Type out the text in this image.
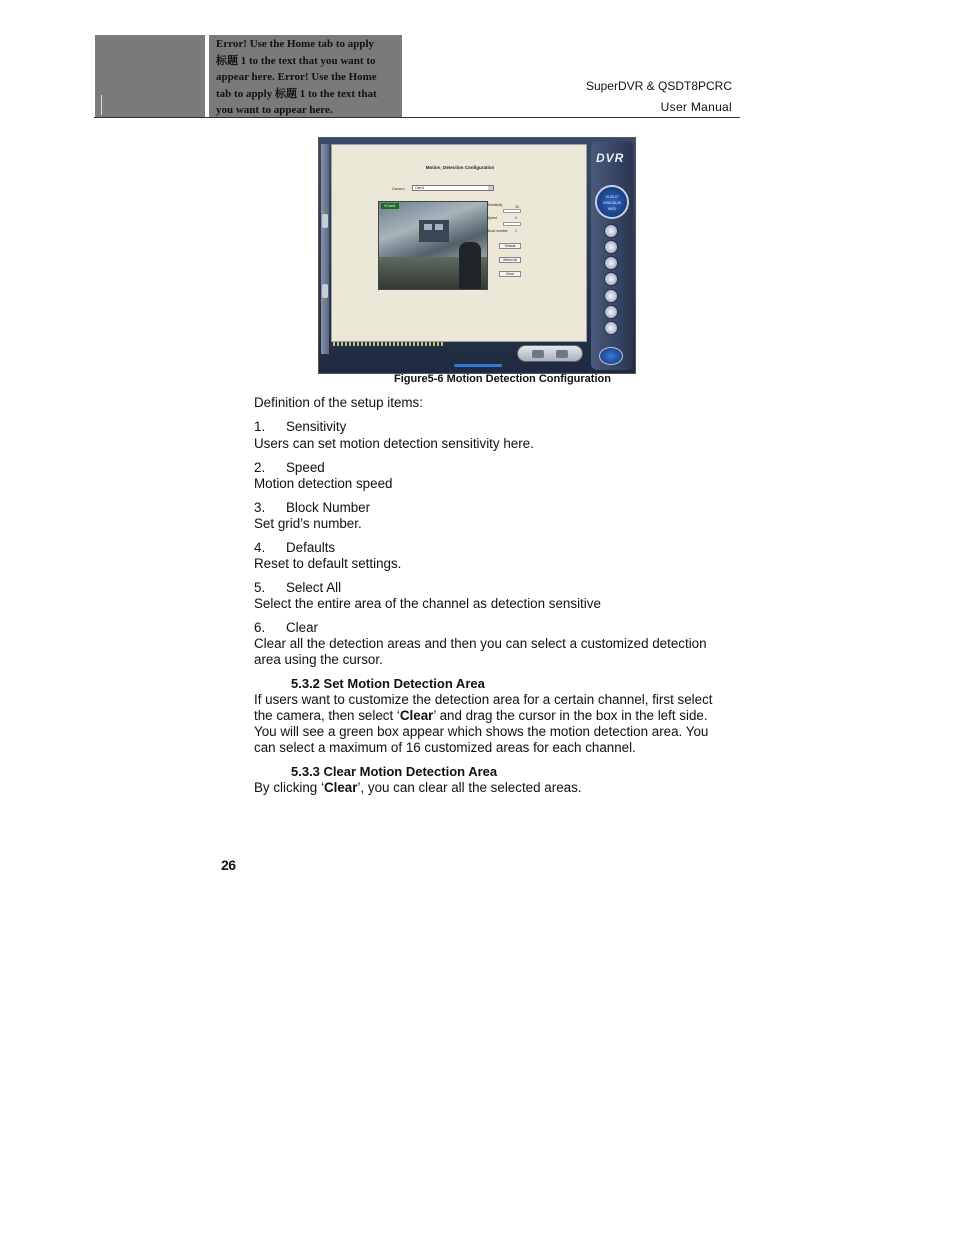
Error! Use the Home tab to apply
标题 1 to the text that you want to
appear here. Error! Use the Home
tab to apply 标题 1 to the text that
you want to appear here.
SuperDVR & QSDT8PCRC
User Manual
Motion_Detection Configuration
Camera	Cam1
VCam1	Sensitivity	10
Speed	3
Block number 1
Default
Select all
Clear
DVR
10:33:27
2006-06-28
WED
Figure5-6 Motion Detection Configuration
Definition of the setup items:
1. Sensitivity
Users can set motion detection sensitivity here.
2. Speed
Motion detection speed
3. Block Number
Set grid’s number.
4. Defaults
Reset to default settings.
5. Select All
Select the entire area of the channel as detection sensitive
6. Clear
Clear all the detection areas and then you can select a customized detection
area using the cursor.
5.3.2 Set Motion Detection Area
If users want to customize the detection area for a certain channel, first select
the camera, then select ‘Clear’ and drag the cursor in the box in the left side.
You will see a green box appear which shows the motion detection area. You
can select a maximum of 16 customized areas for each channel.
5.3.3 Clear Motion Detection Area
By clicking ‘Clear’, you can clear all the selected areas.
26
